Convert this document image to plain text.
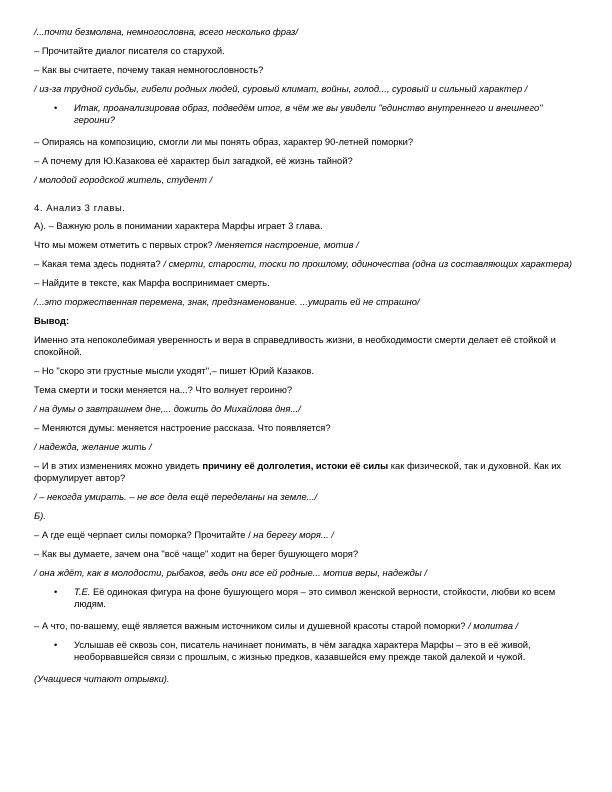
/...почти безмолвна, немногословна, всего несколько фраз/

– Прочитайте диалог писателя со старухой.

– Как вы считаете, почему такая немногословность?

/ из-за трудной судьбы, гибели родных людей, суровый климат, войны, голод..., суровый и сильный характер /

• Итак, проанализировав образ, подведём итог, в чём же вы увидели "единство внутреннего и внешнего" героини?

– Опираясь на композицию, смогли ли мы понять образ, характер 90-летней поморки?

– А почему для Ю.Казакова её характер был загадкой, её жизнь тайной?

/ молодой городской житель, студент /

4. Анализ 3 главы.

А). – Важную роль в понимании характера Марфы играет 3 глава.

Что мы можем отметить с первых строк? /меняется настроение, мотив /

– Какая тема здесь поднята? / смерти, старости, тоски по прошлому, одиночества (одна из составляющих характера)

– Найдите в тексте, как Марфа воспринимает смерть.

/...это торжественная перемена, знак, предзнаменование. ...умирать ей не страшно/

Вывод:

Именно эта непоколебимая уверенность и вера в справедливость жизни, в необходимости смерти делает её стойкой и спокойной.

– Но "скоро эти грустные мысли уходят",– пишет Юрий Казаков.

Тема смерти и тоски меняется на...? Что волнует героиню?

/ на думы о завтрашнем дне,... дожить до Михайлова дня.../

– Меняются думы: меняется настроение рассказа. Что появляется?

/ надежда, желание жить /

– И в этих изменениях можно увидеть причину её долголетия, истоки её силы как физической, так и духовной. Как их формулирует автор?

/ – некогда умирать. – не все дела ещё переделаны на земле.../

Б).

– А где ещё черпает силы поморка? Прочитайте / на берегу моря... /

– Как вы думаете, зачем она "всё чаще" ходит на берег бушующего моря?

/ она ждёт, как в молодости, рыбаков, ведь они все ей родные... мотив веры, надежды /

• Т.Е. Её одинокая фигура на фоне бушующего моря – это символ женской верности, стойкости, любви ко всем людям.

– А что, по-вашему, ещё является важным источником силы и душевной красоты старой поморки? / молитва /

• Услышав её сквозь сон, писатель начинает понимать, в чём загадка характера Марфы – это в её живой, необорвавшейся связи с прошлым, с жизнью предков, казавшейся ему прежде такой далекой и чужой.

(Учащиеся читают отрывки).
